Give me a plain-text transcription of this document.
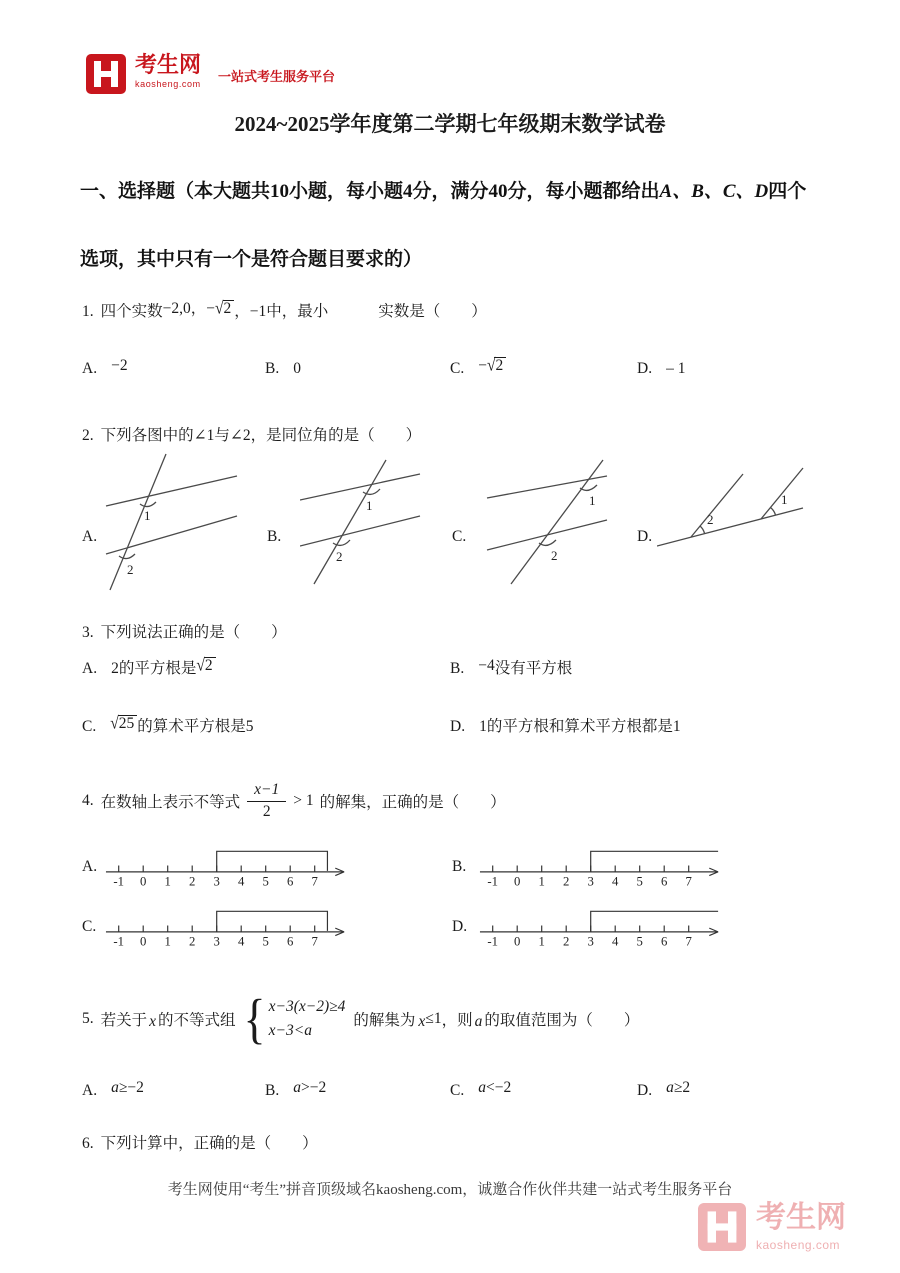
考生网
kaosheng.com 一站式考生服务平台
2024~2025学年度第二学期七年级期末数学试卷
一、选择题（本大题共10小题，每小题4分，满分40分，每小题都给出A、B、C、D四个
选项，其中只有一个是符合题目要求的）
1. 四个实数−2,0，−√2 ，−1中，最小	实数是（　　）
A. −2	B. 0	C. −√2	D. – 1
2. 下列各图中的∠1与∠2，是同位角的是（　　）
A.
1
2
B.
1
2
C.
1
2
D.
1
2
3. 下列说法正确的是（　　）
A. 2的平方根是√2	B. −4没有平方根
C. √25 的算术平方根是5	D. 1的平方根和算术平方根都是1
4. 在数轴上表示不等式 $\frac{x-1}{2} > 1$ 的解集，正确的是（　　）
A.
-1 0 1 2 3 4 5 6 7
B.
-1 0 1 2 3 4 5 6 7
C.
-1 0 1 2 3 4 5 6 7
D.
-1 0 1 2 3 4 5 6 7
5. 若关于 x 的不等式组 { x−3(x−2)≥4
x−3<a
的解集为 x ≤1 ，则 a 的取值范围为（　　）
A. a≥−2	B. a>−2	C. a<−2	D. a≥2
6. 下列计算中，正确的是（　　）
考生网使用“考生”拼音顶级域名kaosheng.com，诚邀合作伙伴共建一站式考生服务平台
考生网
kaosheng.com
